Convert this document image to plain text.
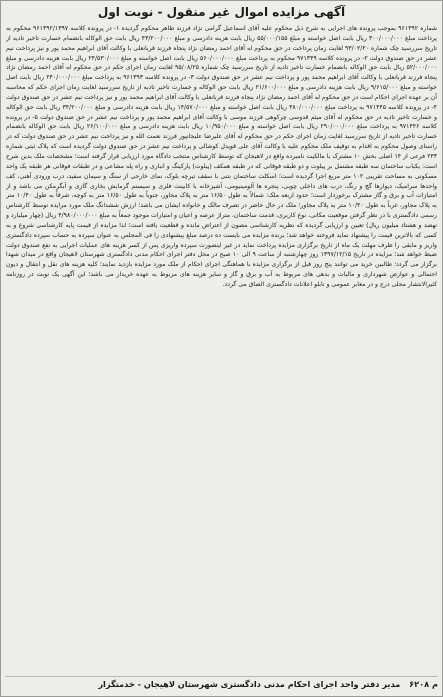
آگهی مزایده اموال غیر منقول - نوبت اول

شماره ۹۶۱۳۹۲ بموجب پرونده های اجرایی به شرح ذیل محکوم علیه آقای اسماعیل گرامی نژاد فرزند طاهر محکوم گردیده ۱- در پرونده کلاسه ۹۶۱۳۹۲/۱۳۹۷ محکوم به پرداخت مبلغ ۳۰۰/۰۰۰/۰۰۰ ریال بابت اصل خواسته و مبلغ ۵۵/۰۰۰/۱۵۵ ریال بابت هزینه دادرسی و مبلغ ۴۳/۲۰۰/۰۰۰ ریال بابت حق الوکاله بانضمام خسارت تاخیر تادیه از تاریخ سررسید چک شماره ۹۳/۰۲/۲۰ لغایت زمان پرداخت در حق محکوم له آقای احمد رمضان نژاد پنجاه فرزند قربانعلی با وکالت آقای ابراهیم محمد پور و نیز پرداخت نیم عشر در حق صندوق دولت ۲- در پرونده کلاسه ۹۷۱۳۴۹ محکوم به پرداخت مبلغ ۵۶۰/۰۰۰/۰۰۰ ریال بابت اصل خواسته و مبلغ ۲۴/۵۳۰/۰۰۰ ریال بابت هزینه دادرسی و مبلغ ۵۲/۰۰۰/۰۰۰ ریال بابت حق الوکاله بانضمام خسارت تاخیر تادیه از تاریخ سررسید چک شماره ۹۵/۰۸/۲۵ لغایت زمان اجرای حکم در حق محکوم له آقای احمد رمضان نژاد پنجاه فرزند قربانعلی با وکالت آقای ابراهیم محمد پور و پرداخت نیم عشر در حق صندوق دولت ۳- در پرونده کلاسه ۹۶۱۳۹۳ به پرداخت مبلغ ۲۴۰/۰۰۰/۰۰۰ ریال بابت اصل خواسته و مبلغ ۹/۶۱۵/۰۰۰ ریال بابت هزینه دادرسی و مبلغ ۲۱/۶۰۰/۰۰۰ ریال بابت حق الوکاله و خسارت تاخیر تادیه از تاریخ سررسید لغایت زمان اجرای حکم که محاسبه آن بر عهده اجرای احکام است در حق محکوم له آقای احمد رمضان نژاد پنجاه فرزند قربانعلی با وکالت آقای ابراهیم محمد پور و نیز پرداخت نیم عشر در حق صندوق دولت ۴- در پرونده کلاسه ۹۷۱۴۴۵ به پرداخت مبلغ ۳۸۰/۰۰۰/۰۰۰ ریال بابت اصل خواسته و مبلغ ۱۴/۵۷۰/۰۰۰ ریال بابت هزینه دادرسی و مبلغ ۳۴/۲۰۰/۰۰۰ ریال بابت حق الوکاله و خسارت تاخیر تادیه در حق محکوم له آقای میثم قدوسی چرکوهی فرزند موسی با وکالت آقای ابراهیم محمد پور و پرداخت نیم عشر در حق صندوق دولت ۵- در پرونده کلاسه ۹۷۱۴۴۶ به پرداخت مبلغ ۲۹۰/۰۰۰/۰۰۰ ریال بابت اصل خواسته و مبلغ ۱۰/۹۵۰/۰۰۰ ریال بابت هزینه دادرسی و مبلغ ۲۶/۱۰۰/۰۰۰ ریال بابت حق الوکاله بانضمام خسارت تاخیر تادیه از تاریخ سررسید لغایت زمان اجرای حکم در حق محکوم له آقای علیرضا علیجانپور فرزند نعمت الله و نیز پرداخت نیم عشر در حق صندوق دولت که در راستای وصول محکوم به اقدام به توقیف ملک محکوم علیه با وکالت آقای علی قویدل کوشالی و پرداخت نیم عشر در حق صندوق دولت گردیده است که پلاک ثبتی شماره ۲۳۳ فرعی از ۱۴ اصلی بخش ۱۰ مشترک با مالکیت نامبرده واقع در لاهیجان که توسط کارشناس منتخب دادگاه مورد ارزیابی قرار گرفته است؛ مشخصات ملک بدین شرح است: یکباب ساختمان سه طبقه مشتمل بر پیلوت و دو طبقه فوقانی که در طبقه همکف (پیلوت) پارکینگ و انباری و راه پله مشاعی و در طبقات فوقانی هر طبقه یک واحد مسکونی به مساحت تقریبی ۱۰۲ متر مربع اجرا گردیده است؛ اسکلت ساختمان بتنی با سقف تیرچه بلوک، نمای خارجی از سنگ و سیمان سفید، درب ورودی آهنی، کف واحدها سرامیک، دیوارها گچ و رنگ، درب های داخلی چوبی، پنجره ها آلومینیومی، آشپزخانه با کابینت فلزی و سیستم گرمایش بخاری گازی و آبگرمکن می باشد و از امتیازات آب و برق و گاز مشترک برخوردار است؛ حدود اربعه ملک: شمالاً به طول ۱۶/۵۰ متر به پلاک مجاور، جنوباً به طول ۱۶/۵۰ متر به کوچه، شرقاً به طول ۱۰/۴۰ متر به پلاک مجاور، غرباً به طول ۱۰/۴۰ متر به پلاک مجاور؛ ملک در حال حاضر در تصرف مالک و خانواده ایشان می باشد؛ ارزش ششدانگ ملک مورد مزایده توسط کارشناس رسمی دادگستری با در نظر گرفتن موقعیت مکانی، نوع کاربری، قدمت ساختمان، متراژ عرصه و اعیان و امتیازات موجود جمعاً به مبلغ ۴/۹۸۰/۰۰۰/۰۰۰ ریال (چهار میلیارد و نهصد و هشتاد میلیون ریال) تعیین و ارزیابی گردیده که نظریه کارشناسی مصون از اعتراض مانده و قطعیت یافته است؛ لذا مزایده از قیمت پایه کارشناسی شروع و به کسی که بالاترین قیمت را پیشنهاد نماید فروخته خواهد شد؛ برنده مزایده می بایست ده درصد مبلغ پیشنهادی را فی المجلس به عنوان سپرده به حساب سپرده دادگستری واریز و مابقی را ظرف مهلت یک ماه از تاریخ برگزاری مزایده پرداخت نماید در غیر اینصورت سپرده واریزی پس از کسر هزینه های عملیات اجرایی به نفع صندوق دولت ضبط خواهد شد؛ مزایده در تاریخ ۱۳۹۷/۱۲/۱۵ روز چهارشنبه از ساعت ۹ الی ۱۰ صبح در محل دفتر اجرای احکام مدنی دادگستری شهرستان لاهیجان واقع در میدان شهدا برگزار می گردد؛ طالبین خرید می توانند پنج روز قبل از برگزاری مزایده با هماهنگی اجرای احکام از ملک مورد مزایده بازدید نمایند؛ کلیه هزینه های نقل و انتقال و دیون احتمالی و عوارض شهرداری و مالیات و بدهی های مربوط به آب و برق و گاز و سایر هزینه های مربوط به عهده خریدار می باشد؛ این آگهی یک نوبت در روزنامه کثیرالانتشار محلی درج و در معابر عمومی و تابلو اعلانات دادگستری الصاق می گردد.

م ۶۲۰۸ مدیر دفتر واحد اجرای احکام مدنی دادگستری شهرستان لاهیجان - خدمتگزار
